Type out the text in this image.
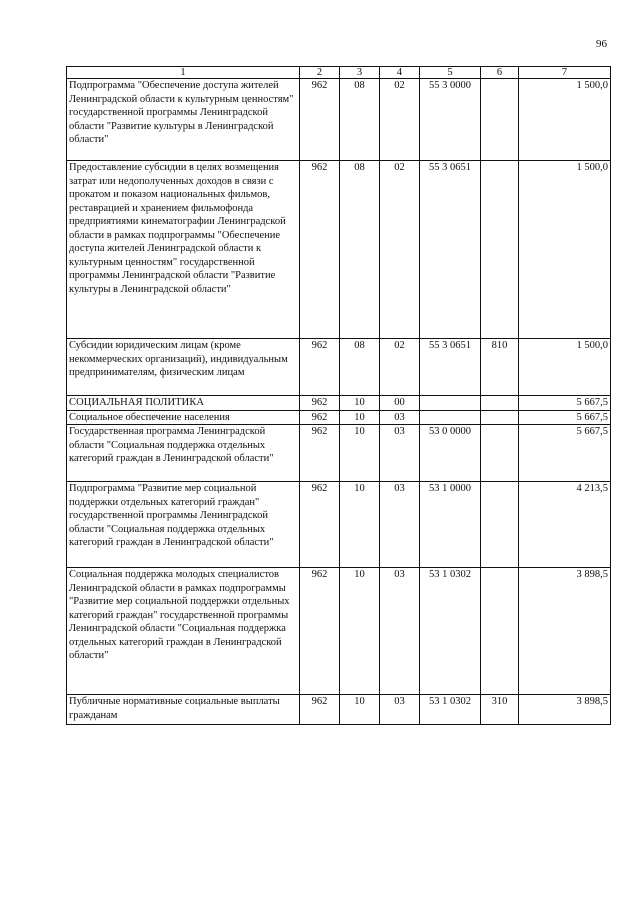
96
1	2	3	4	5	6	7
Подпрограмма "Обеспечение доступа жителей Ленинградской области к культурным ценностям" государственной программы Ленинградской области "Развитие культуры в Ленинградской области"	962	08	02	55 3 0000		1 500,0
Предоставление субсидии в целях возмещения затрат или недополученных доходов в связи с прокатом и показом национальных фильмов, реставрацией и хранением фильмофонда предприятиями кинематографии Ленинградской области в рамках подпрограммы "Обеспечение доступа жителей Ленинградской области к культурным ценностям" государственной программы Ленинградской области "Развитие культуры в Ленинградской области"	962	08	02	55 3 0651		1 500,0
Субсидии юридическим лицам (кроме некоммерческих организаций), индивидуальным предпринимателям, физическим лицам	962	08	02	55 3 0651	810	1 500,0
СОЦИАЛЬНАЯ ПОЛИТИКА	962	10	00			5 667,5
Социальное обеспечение населения	962	10	03			5 667,5
Государственная программа Ленинградской области "Социальная поддержка отдельных категорий граждан в Ленинградской области"	962	10	03	53 0 0000		5 667,5
Подпрограмма "Развитие мер социальной поддержки отдельных категорий граждан" государственной программы Ленинградской области "Социальная поддержка отдельных категорий граждан в Ленинградской области"	962	10	03	53 1 0000		4 213,5
Социальная поддержка молодых специалистов Ленинградской области в рамках подпрограммы "Развитие мер социальной поддержки отдельных категорий граждан" государственной программы Ленинградской области "Социальная поддержка отдельных категорий граждан в Ленинградской области"	962	10	03	53 1 0302		3 898,5
Публичные нормативные социальные выплаты гражданам	962	10	03	53 1 0302	310	3 898,5
